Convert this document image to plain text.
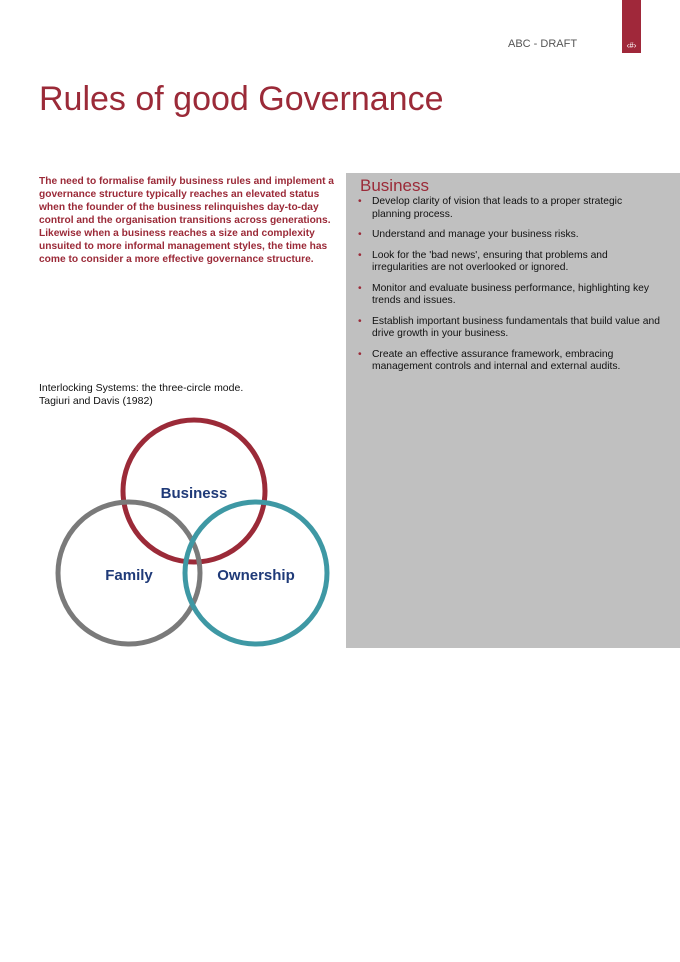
ABC - DRAFT	‹#›
Rules of good Governance
The need to formalise family business rules and implement a governance structure typically reaches an elevated status when the founder of the business relinquishes day-to-day control and the organisation transitions across generations. Likewise when a business reaches a size and complexity unsuited to more informal management styles, the time has come to consider a more effective governance structure.
Interlocking Systems: the three-circle mode.
Tagiuri and Davis (1982)
Business
Family	Ownership
Business
• Develop clarity of vision that leads to a proper strategic planning process.
• Understand and manage your business risks.
• Look for the 'bad news', ensuring that problems and irregularities are not overlooked or ignored.
• Monitor and evaluate business performance, highlighting key trends and issues.
• Establish important business fundamentals that build value and drive growth in your business.
• Create an effective assurance framework, embracing management controls and internal and external audits.
